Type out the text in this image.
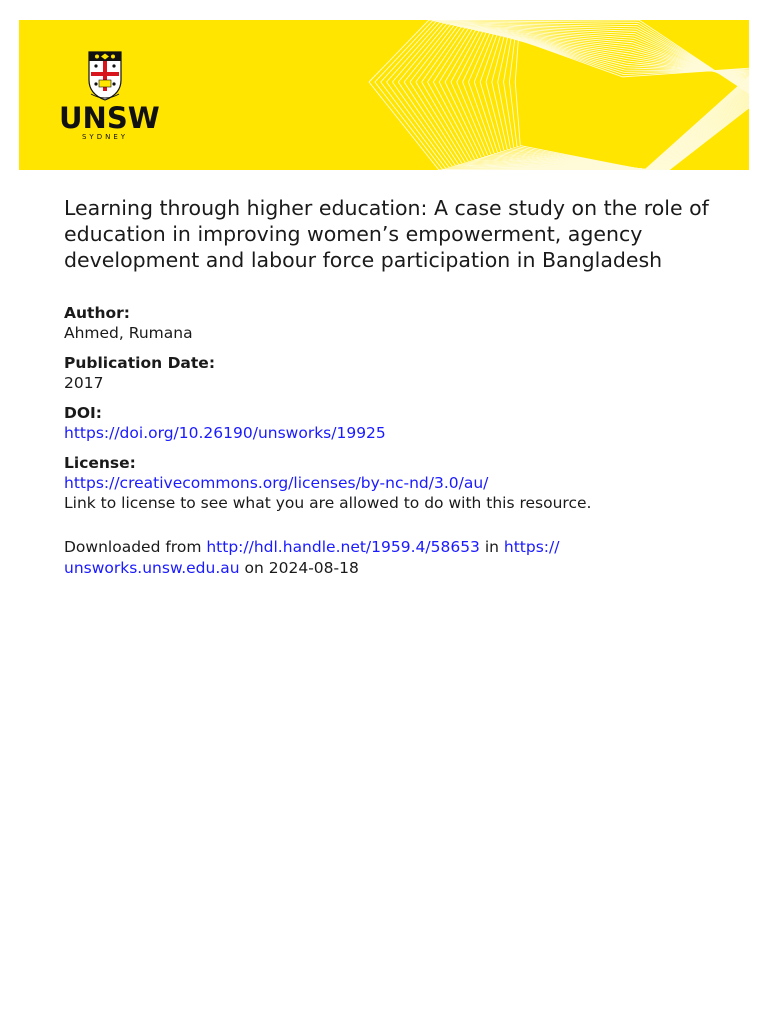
UNSW
SYDNEY
Learning through higher education: A case study on the role of education in improving women’s empowerment, agency development and labour force participation in Bangladesh
Author:
Ahmed, Rumana
Publication Date:
2017
DOI:
https://doi.org/10.26190/unsworks/19925
License:
https://creativecommons.org/licenses/by-nc-nd/3.0/au/
Link to license to see what you are allowed to do with this resource.
Downloaded from http://hdl.handle.net/1959.4/58653 in https://
unsworks.unsw.edu.au on 2024-08-18
